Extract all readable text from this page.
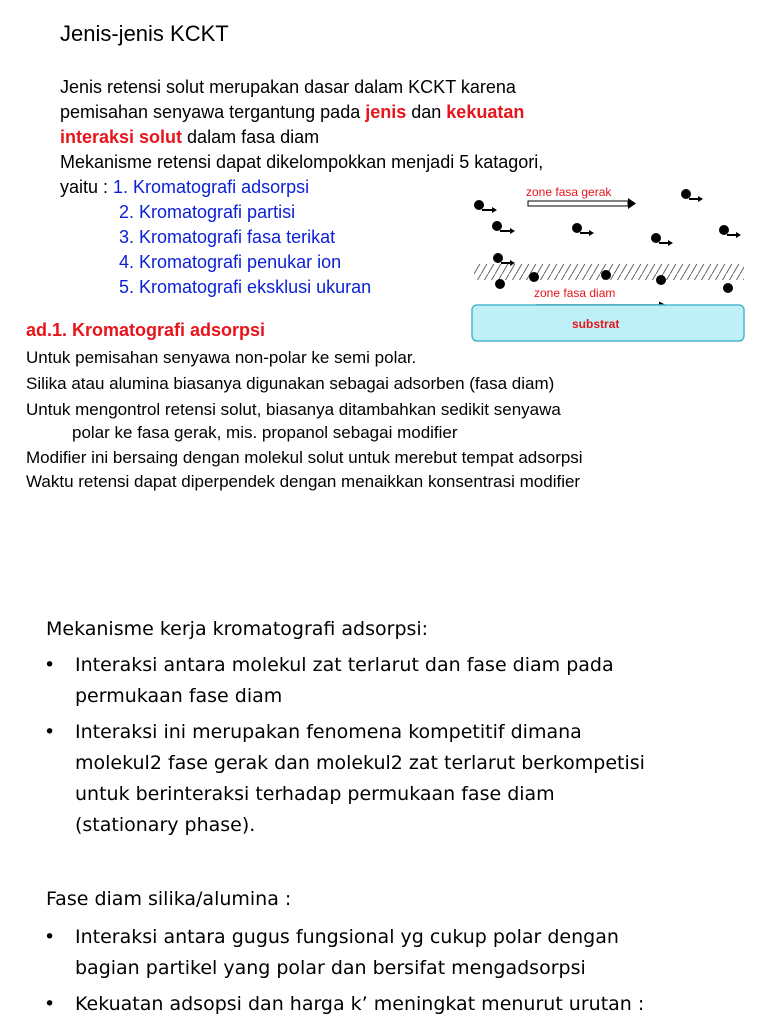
Jenis-jenis KCKT
Jenis retensi solut merupakan dasar dalam KCKT karena
pemisahan senyawa tergantung pada jenis dan kekuatan
interaksi solut dalam fasa diam
Mekanisme retensi dapat dikelompokkan menjadi 5 katagori,
yaitu : 1. Kromatografi adsorpsi
2. Kromatografi partisi
3. Kromatografi fasa terikat
4. Kromatografi penukar ion
5. Kromatografi eksklusi ukuran
zone fasa gerak
zone fasa diam
substrat
ad.1. Kromatografi adsorpsi
Untuk pemisahan senyawa non-polar ke semi polar.
Silika atau alumina biasanya digunakan sebagai adsorben (fasa diam)
Untuk mengontrol retensi solut, biasanya ditambahkan sedikit senyawa
polar ke fasa gerak, mis. propanol sebagai modifier
Modifier ini bersaing dengan molekul solut untuk merebut tempat adsorpsi
Waktu retensi dapat diperpendek dengan menaikkan konsentrasi modifier
Mekanisme kerja kromatografi adsorpsi:
• Interaksi antara molekul zat terlarut dan fase diam pada
permukaan fase diam
• Interaksi ini merupakan fenomena kompetitif dimana
molekul2 fase gerak dan molekul2 zat terlarut berkompetisi
untuk berinteraksi terhadap permukaan fase diam
(stationary phase).
Fase diam silika/alumina :
• Interaksi antara gugus fungsional yg cukup polar dengan
bagian partikel yang polar dan bersifat mengadsorpsi
• Kekuatan adsopsi dan harga k’ meningkat menurut urutan :
